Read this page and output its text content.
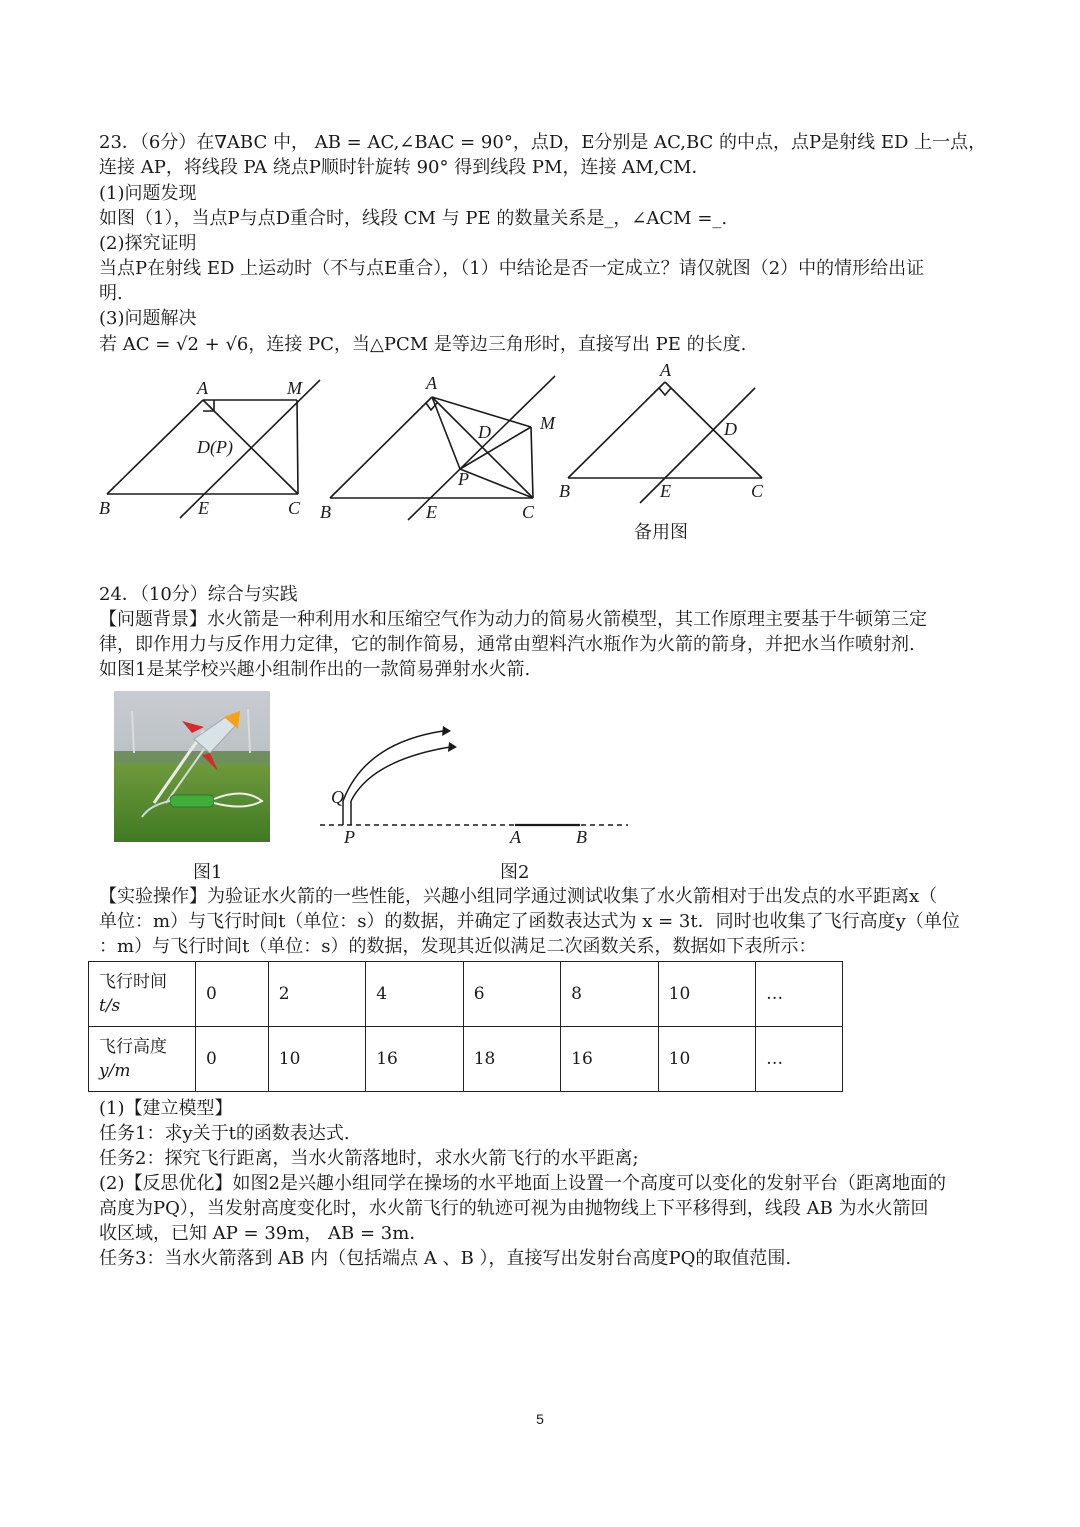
23．（6分）在∇ABC 中， AB = AC,∠BAC = 90°，点D，E分别是 AC,BC 的中点，点P是射线 ED 上一点，
连接 AP，将线段 PA 绕点P顺时针旋转 90° 得到线段 PM，连接 AM,CM．
(1)问题发现
如图（1），当点P与点D重合时，线段 CM 与 PE 的数量关系是_，∠ACM =_.
(2)探究证明
当点P在射线 ED 上运动时（不与点E重合），（1）中结论是否一定成立？请仅就图（2）中的情形给出证
明.
(3)问题解决
若 AC = √2 + √6，连接 PC，当△PCM 是等边三角形时，直接写出 PE 的长度.
A	M
D(P)
B	E	C
A
M
D
P
B	E	C
A
D
B	E	C
备用图
24．（10分）综合与实践
【问题背景】水火箭是一种利用水和压缩空气作为动力的简易火箭模型，其工作原理主要基于牛顿第三定
律，即作用力与反作用力定律，它的制作简易，通常由塑料汽水瓶作为火箭的箭身，并把水当作喷射剂.
如图1是某学校兴趣小组制作出的一款简易弹射水火箭.
图1
Q
P	A	B
图2
【实验操作】为验证水火箭的一些性能，兴趣小组同学通过测试收集了水火箭相对于出发点的水平距离x（
单位：m）与飞行时间t（单位：s）的数据，并确定了函数表达式为 x = 3t．同时也收集了飞行高度y（单位
：m）与飞行时间t（单位：s）的数据，发现其近似满足二次函数关系，数据如下表所示：
飞行时间
t/s	0	2	4	6	8	10	…

飞行高度
y/m	0	10	16	18	16	10	…
(1)【建立模型】
任务1：求y关于t的函数表达式.
任务2：探究飞行距离，当水火箭落地时，求水火箭飞行的水平距离;
(2)【反思优化】如图2是兴趣小组同学在操场的水平地面上设置一个高度可以变化的发射平台（距离地面的
高度为PQ），当发射高度变化时，水火箭飞行的轨迹可视为由抛物线上下平移得到，线段 AB 为水火箭回
收区域，已知 AP = 39m， AB = 3m．
任务3：当水火箭落到 AB 内（包括端点 A 、B ），直接写出发射台高度PQ的取值范围.
5
